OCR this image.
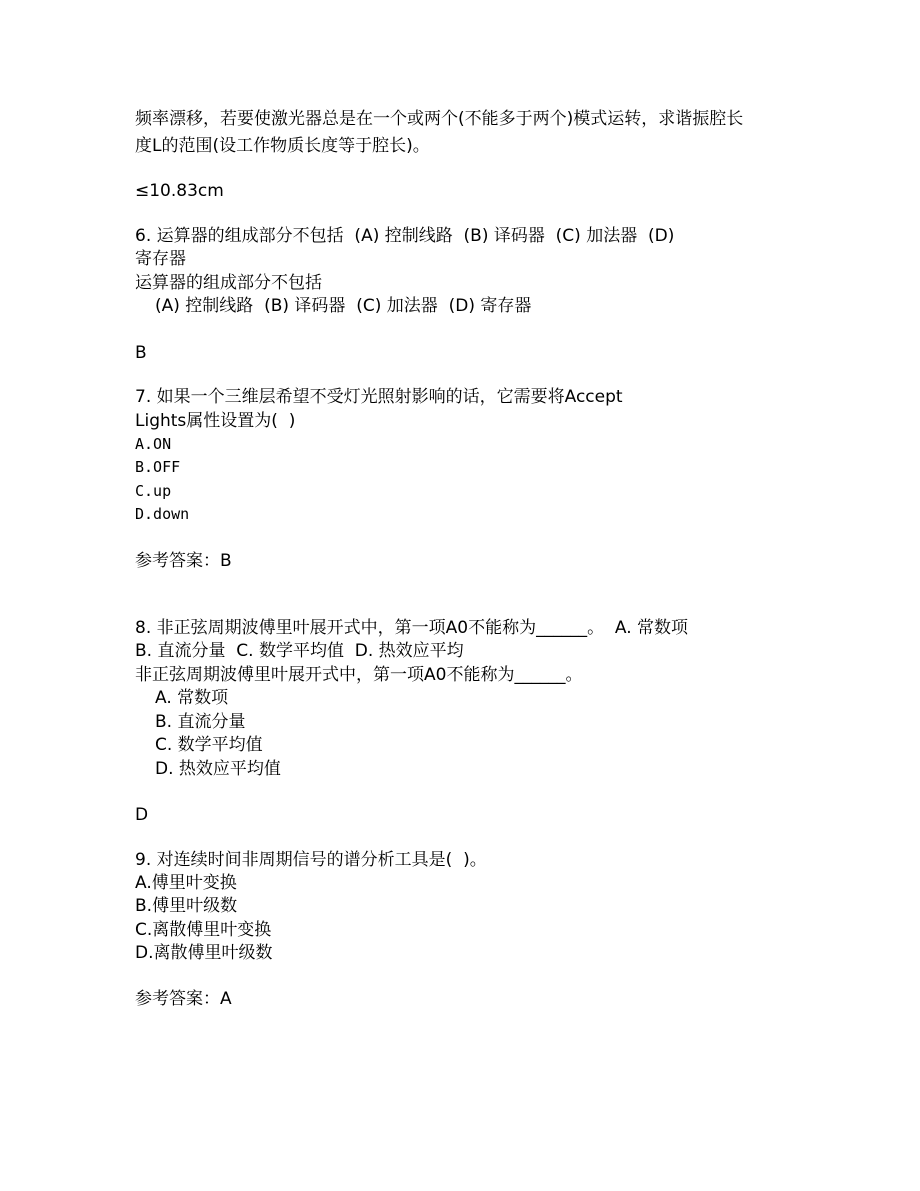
频率漂移，若要使激光器总是在一个或两个(不能多于两个)模式运转，求谐振腔长
度L的范围(设工作物质长度等于腔长)。
≤10.83cm
6. 运算器的组成部分不包括  (A) 控制线路  (B) 译码器  (C) 加法器  (D)
寄存器
运算器的组成部分不包括
(A) 控制线路  (B) 译码器  (C) 加法器  (D) 寄存器
B
7. 如果一个三维层希望不受灯光照射影响的话，它需要将Accept
Lights属性设置为(  )
A.ON
B.OFF
C.up
D.down
参考答案：B
8. 非正弦周期波傅里叶展开式中，第一项A0不能称为______。  A. 常数项
B. 直流分量  C. 数学平均值  D. 热效应平均
非正弦周期波傅里叶展开式中，第一项A0不能称为______。
A. 常数项
B. 直流分量
C. 数学平均值
D. 热效应平均值
D
9. 对连续时间非周期信号的谱分析工具是(  )。
A.傅里叶变换
B.傅里叶级数
C.离散傅里叶变换
D.离散傅里叶级数
参考答案：A
